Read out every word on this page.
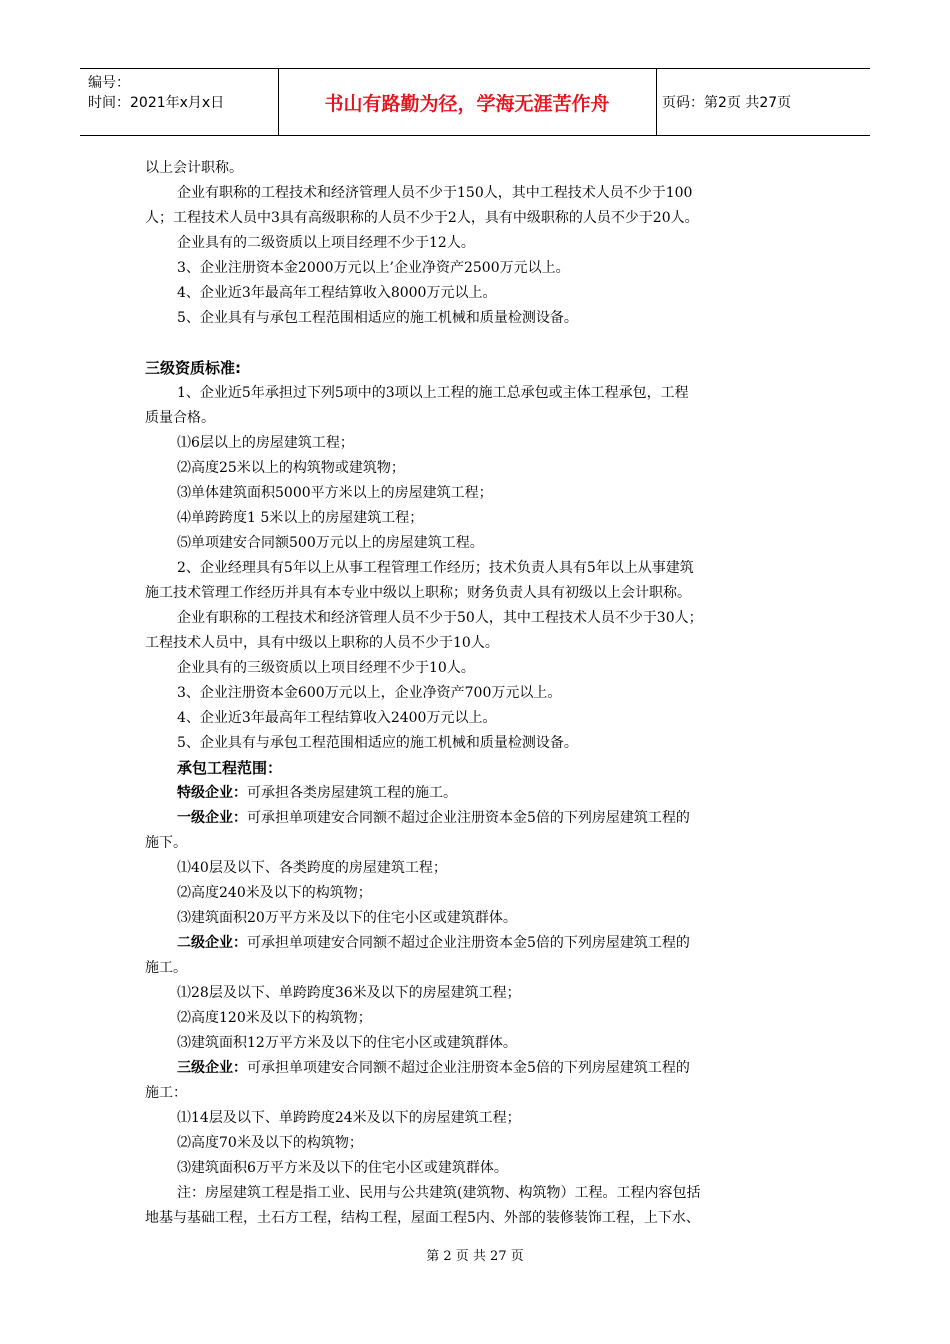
编号：
时间：2021年x月x日	书山有路勤为径，学海无涯苦作舟	页码：第2页 共27页

以上会计职称。

企业有职称的工程技术和经济管理人员不少于150人，其中工程技术人员不少于100

人；工程技术人员中3具有高级职称的人员不少于2人，具有中级职称的人员不少于20人。

企业具有的二级资质以上项目经理不少于12人。

3、企业注册资本金2000万元以上’企业净资产2500万元以上。

4、企业近3年最高年工程结算收入8000万元以上。

5、企业具有与承包工程范围相适应的施工机械和质量检测设备。

三级资质标准:

1、企业近5年承担过下列5项中的3项以上工程的施工总承包或主体工程承包，工程

质量合格。

⑴6层以上的房屋建筑工程；

⑵高度25米以上的构筑物或建筑物；

⑶单体建筑面积5000平方米以上的房屋建筑工程；

⑷单跨跨度1 5米以上的房屋建筑工程；

⑸单项建安合同额500万元以上的房屋建筑工程。

2、企业经理具有5年以上从事工程管理工作经历；技术负责人具有5年以上从事建筑

施工技术管理工作经历并具有本专业中级以上职称；财务负责人具有初级以上会计职称。

企业有职称的工程技术和经济管理人员不少于50人，其中工程技术人员不少于30人；

工程技术人员中，具有中级以上职称的人员不少于10人。

企业具有的三级资质以上项目经理不少于10人。

3、企业注册资本金600万元以上，企业净资产700万元以上。

4、企业近3年最高年工程结算收入2400万元以上。

5、企业具有与承包工程范围相适应的施工机械和质量检测设备。

承包工程范围：

特级企业：可承担各类房屋建筑工程的施工。

一级企业：可承担单项建安合同额不超过企业注册资本金5倍的下列房屋建筑工程的

施下。

⑴40层及以下、各类跨度的房屋建筑工程；

⑵高度240米及以下的构筑物；

⑶建筑面积20万平方米及以下的住宅小区或建筑群体。

二级企业：可承担单项建安合同额不超过企业注册资本金5倍的下列房屋建筑工程的

施工。

⑴28层及以下、单跨跨度36米及以下的房屋建筑工程；

⑵高度120米及以下的构筑物；

⑶建筑面积12万平方米及以下的住宅小区或建筑群体。

三级企业：可承担单项建安合同额不超过企业注册资本金5倍的下列房屋建筑工程的

施工：

⑴14层及以下、单跨跨度24米及以下的房屋建筑工程；

⑵高度70米及以下的构筑物；

⑶建筑面积6万平方米及以下的住宅小区或建筑群体。

注：房屋建筑工程是指工业、民用与公共建筑(建筑物、构筑物）工程。工程内容包括

地基与基础工程，土石方工程，结构工程，屋面工程5内、外部的装修装饰工程，上下水、

第 2 页 共 27 页
